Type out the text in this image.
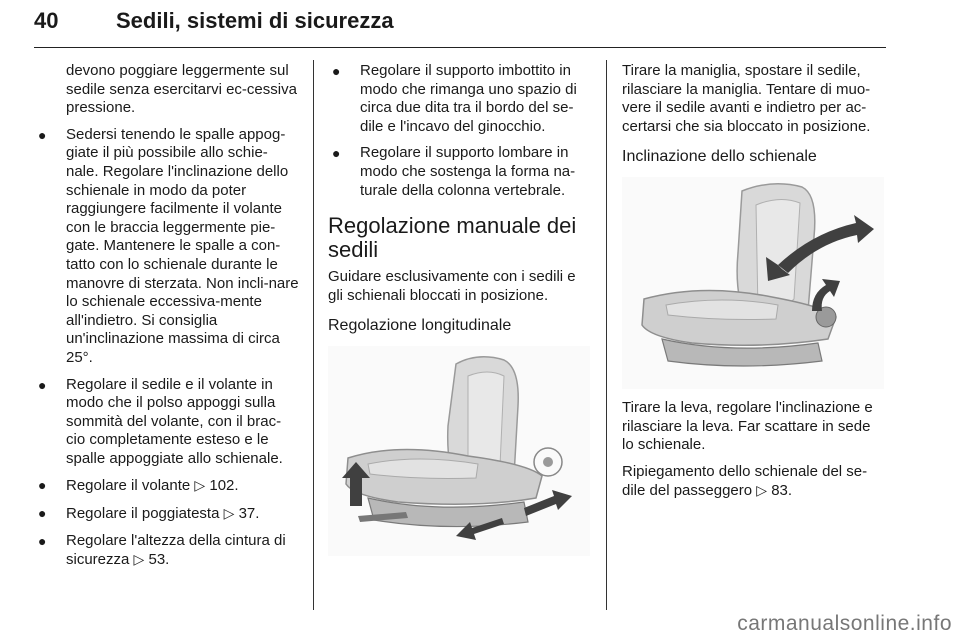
40	Sedili, sistemi di sicurezza

devono poggiare leggermente sul sedile senza esercitarvi ec-cessiva pressione.

● Sedersi tenendo le spalle appog-giate il più possibile allo schie-nale. Regolare l'inclinazione dello schienale in modo da poter raggiungere facilmente il volante con le braccia leggermente pie-gate. Mantenere le spalle a con-tatto con lo schienale durante le manovre di sterzata. Non incli-nare lo schienale eccessiva-mente all'indietro. Si consiglia un'inclinazione massima di circa 25°.
● Regolare il sedile e il volante in modo che il polso appoggi sulla sommità del volante, con il brac-cio completamente esteso e le spalle appoggiate allo schienale.
● Regolare il volante ▷ 102.
● Regolare il poggiatesta ▷ 37.
● Regolare l'altezza della cintura di sicurezza ▷ 53.
● Regolare il supporto imbottito in modo che rimanga uno spazio di circa due dita tra il bordo del se-dile e l'incavo del ginocchio.
● Regolare il supporto lombare in modo che sostenga la forma na-turale della colonna vertebrale.
Regolazione manuale dei sedili

Guidare esclusivamente con i sedili e gli schienali bloccati in posizione.

Regolazione longitudinale

Tirare la maniglia, spostare il sedile, rilasciare la maniglia. Tentare di muo-vere il sedile avanti e indietro per ac-certarsi che sia bloccato in posizione.

Inclinazione dello schienale

Tirare la leva, regolare l'inclinazione e rilasciare la leva. Far scattare in sede lo schienale.

Ripiegamento dello schienale del se-dile del passeggero ▷ 83.

carmanualsonline.info
